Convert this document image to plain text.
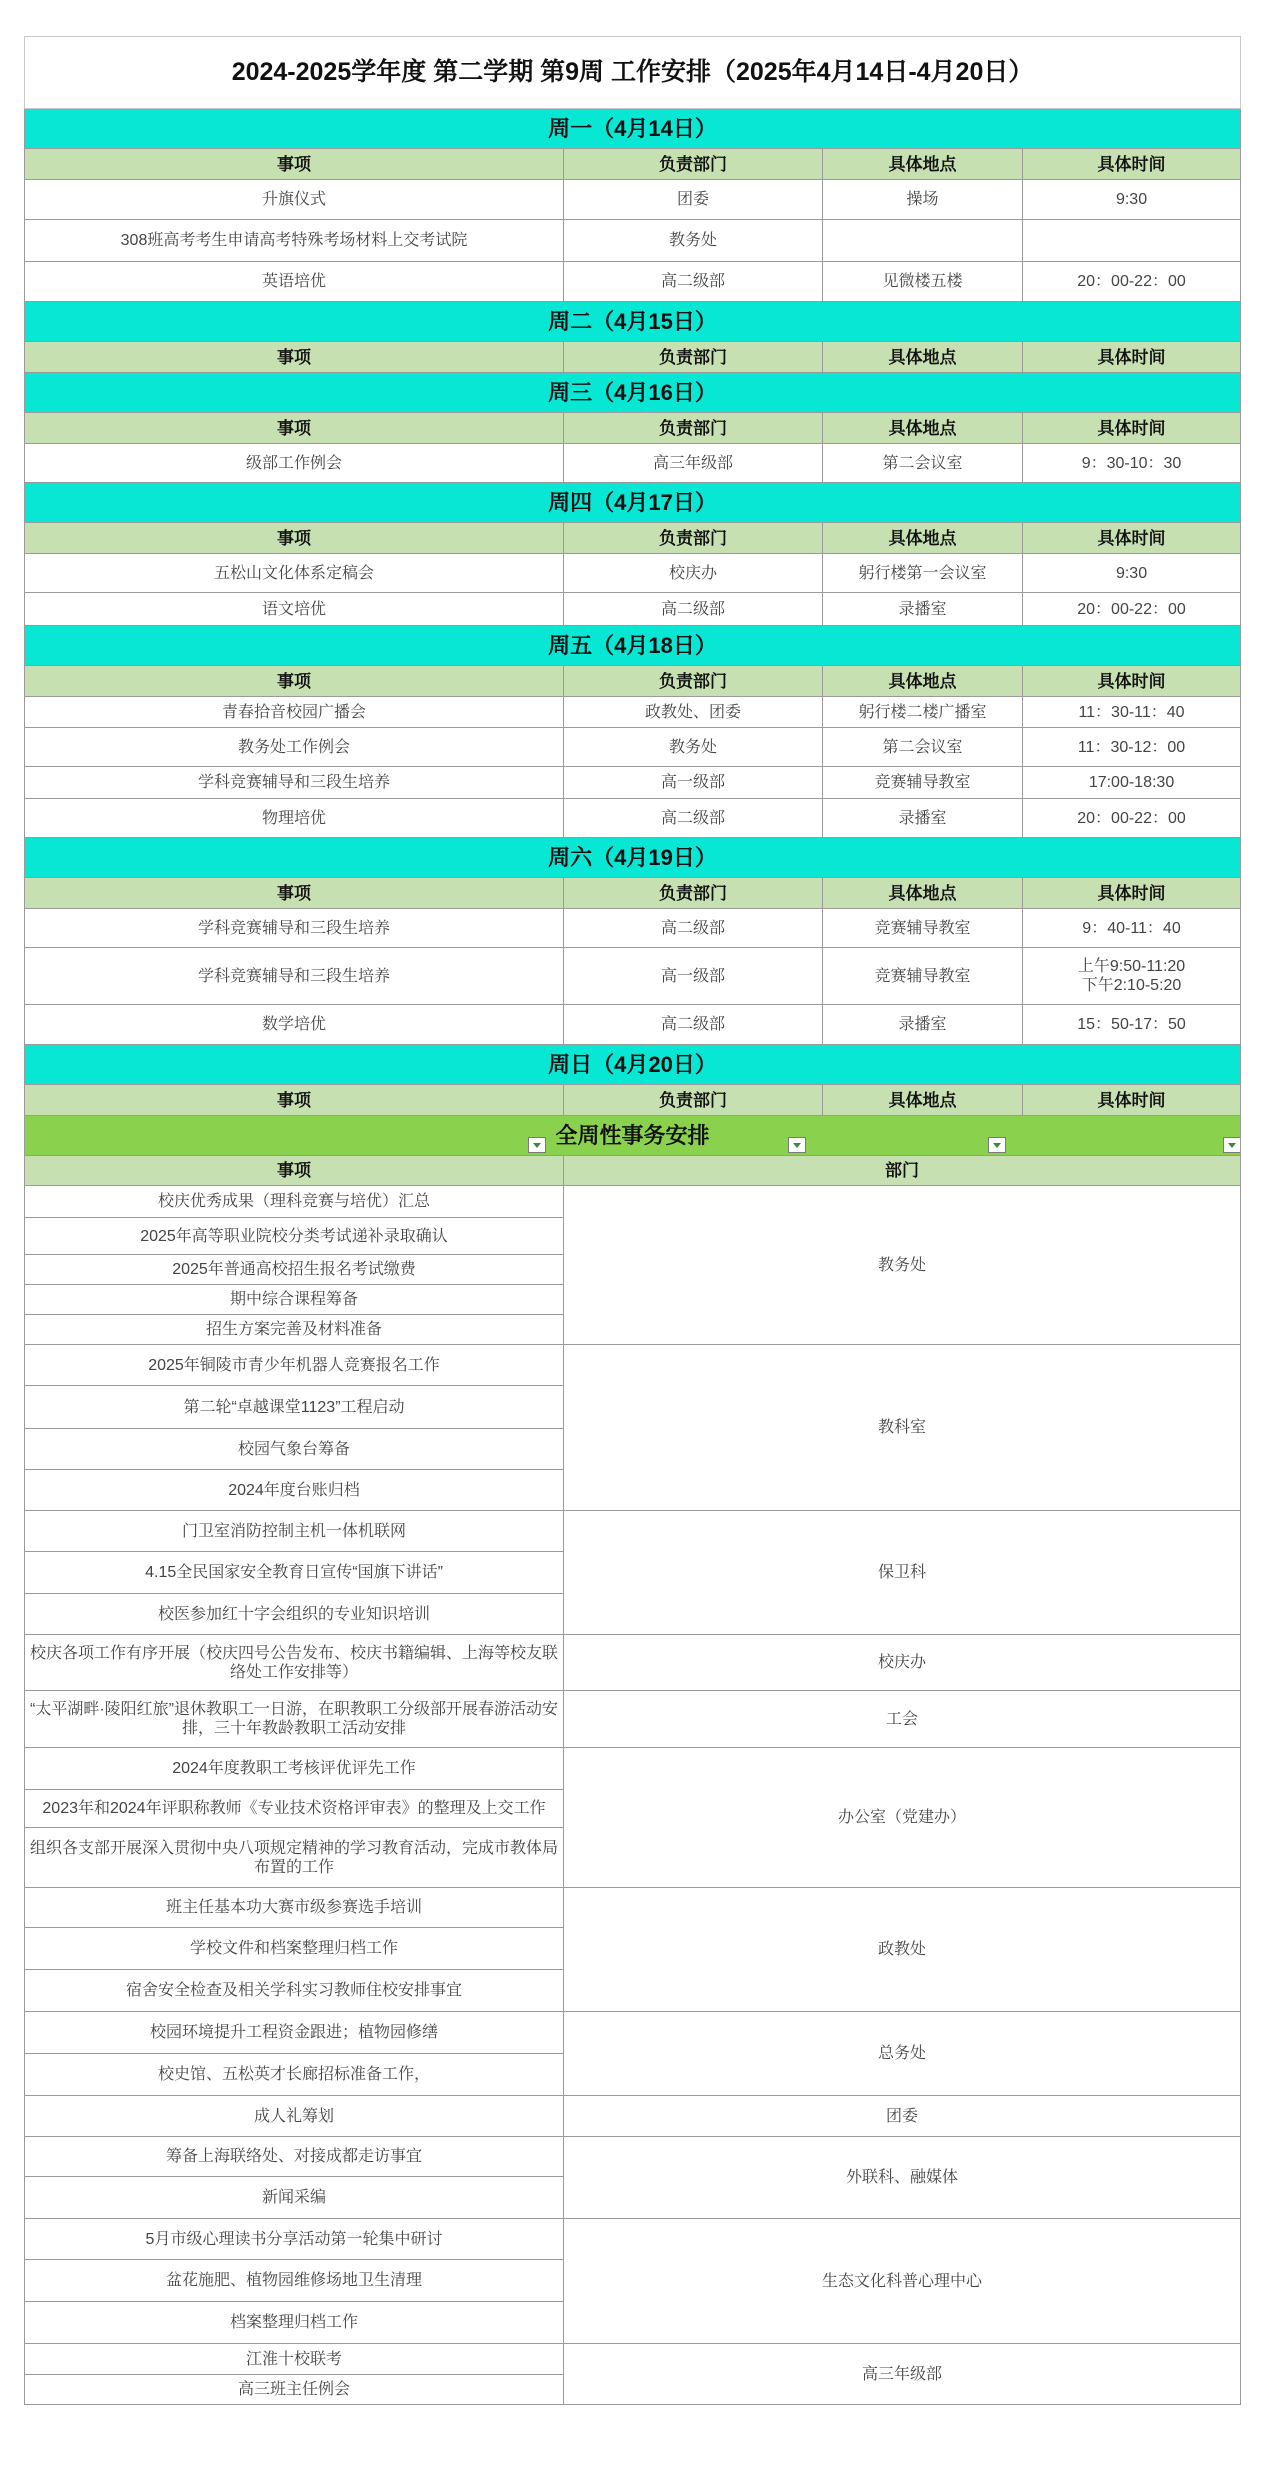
2024-2025学年度 第二学期 第9周 工作安排（2025年4月14日-4月20日）			
周一（4月14日）			
事项	负责部门	具体地点	具体时间
升旗仪式	团委	操场	9:30
308班高考考生申请高考特殊考场材料上交考试院	教务处		
英语培优	高二级部	见微楼五楼	20：00-22：00
周二（4月15日）			
事项	负责部门	具体地点	具体时间
周三（4月16日）			
事项	负责部门	具体地点	具体时间
级部工作例会	高三年级部	第二会议室	9：30-10：30
周四（4月17日）			
事项	负责部门	具体地点	具体时间
五松山文化体系定稿会	校庆办	躬行楼第一会议室	9:30
语文培优	高二级部	录播室	20：00-22：00
周五（4月18日）			
事项	负责部门	具体地点	具体时间
青春拾音校园广播会	政教处、团委	躬行楼二楼广播室	11：30-11：40
教务处工作例会	教务处	第二会议室	11：30-12：00
学科竞赛辅导和三段生培养	高一级部	竞赛辅导教室	17:00-18:30
物理培优	高二级部	录播室	20：00-22：00
周六（4月19日）			
事项	负责部门	具体地点	具体时间
学科竞赛辅导和三段生培养	高二级部	竞赛辅导教室	9：40-11：40
学科竞赛辅导和三段生培养	高一级部	竞赛辅导教室	上午9:50-11:20
下午2:10-5:20
数学培优	高二级部	录播室	15：50-17：50
周日（4月20日）			
事项	负责部门	具体地点	具体时间
全周性事务安排			

事项	部门		
校庆优秀成果（理科竞赛与培优）汇总	教务处		
2025年高等职业院校分类考试递补录取确认			
2025年普通高校招生报名考试缴费			
期中综合课程筹备			
招生方案完善及材料准备			
2025年铜陵市青少年机器人竞赛报名工作	教科室		
第二轮“卓越课堂1123”工程启动			
校园气象台筹备			
2024年度台账归档			
门卫室消防控制主机一体机联网	保卫科		
4.15全民国家安全教育日宣传“国旗下讲话”			
校医参加红十字会组织的专业知识培训			
校庆各项工作有序开展（校庆四号公告发布、校庆书籍编辑、上海等校友联络处工作安排等）	校庆办		
“太平湖畔·陵阳红旅”退休教职工一日游，在职教职工分级部开展春游活动安排，三十年教龄教职工活动安排	工会		
2024年度教职工考核评优评先工作	办公室（党建办）		
2023年和2024年评职称教师《专业技术资格评审表》的整理及上交工作			
组织各支部开展深入贯彻中央八项规定精神的学习教育活动，完成市教体局布置的工作			
班主任基本功大赛市级参赛选手培训	政教处		
学校文件和档案整理归档工作			
宿舍安全检查及相关学科实习教师住校安排事宜			
校园环境提升工程资金跟进；植物园修缮	总务处		
校史馆、五松英才长廊招标准备工作，			
成人礼筹划	团委		
筹备上海联络处、对接成都走访事宜	外联科、融媒体		
新闻采编			
5月市级心理读书分享活动第一轮集中研讨	生态文化科普心理中心		
盆花施肥、植物园维修场地卫生清理			
档案整理归档工作			
江淮十校联考	高三年级部		
高三班主任例会			
